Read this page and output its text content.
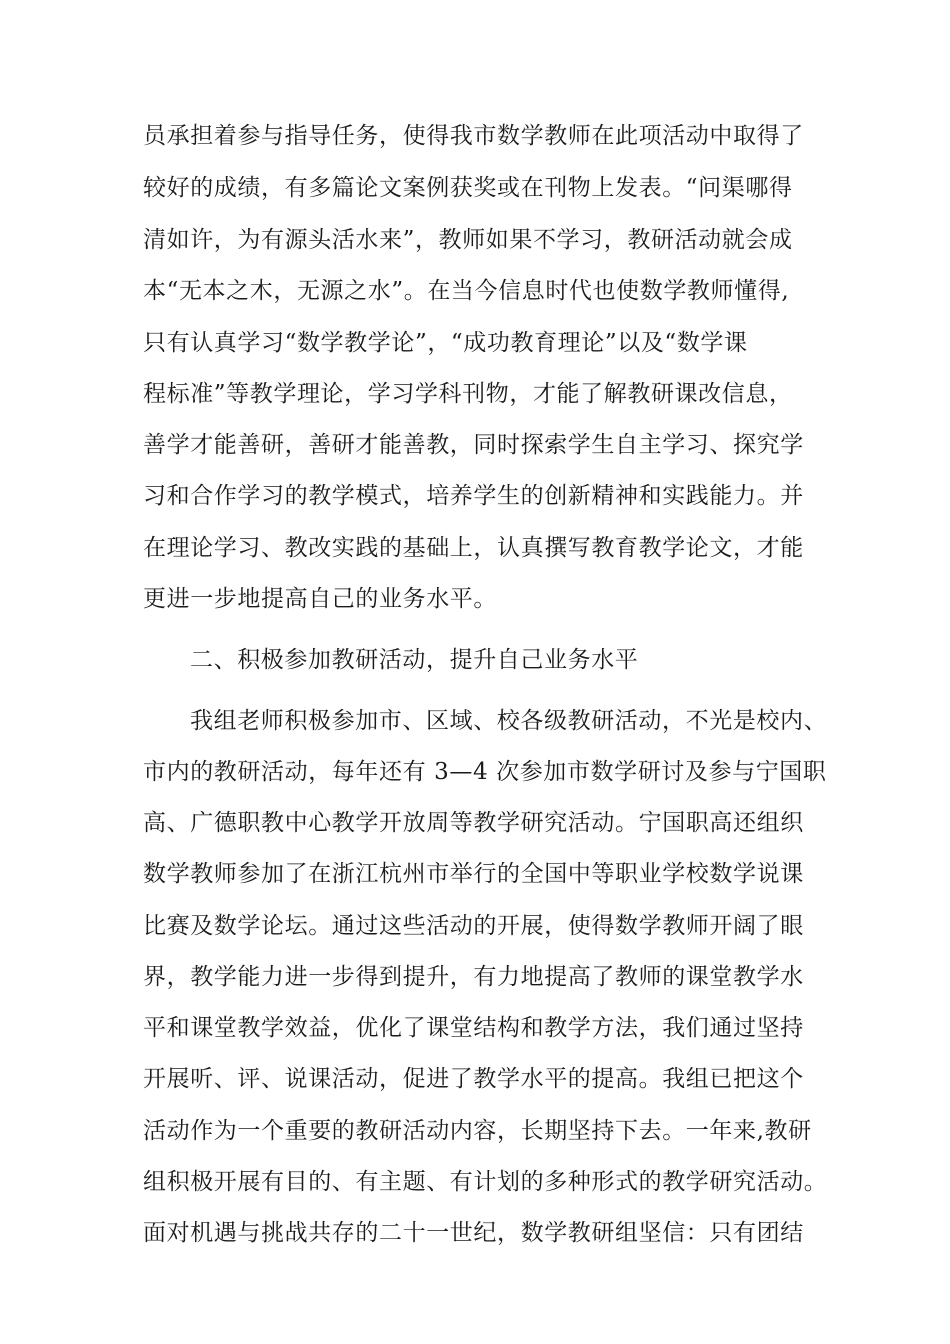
员承担着参与指导任务，使得我市数学教师在此项活动中取得了
较好的成绩，有多篇论文案例获奖或在刊物上发表。“问渠哪得
清如许，为有源头活水来”，教师如果不学习，教研活动就会成
本“无本之木，无源之水”。在当今信息时代也使数学教师懂得,
只有认真学习“数学教学论”，“成功教育理论”以及“数学课
程标准”等教学理论，学习学科刊物，才能了解教研课改信息，
善学才能善研，善研才能善教，同时探索学生自主学习、探究学
习和合作学习的教学模式，培养学生的创新精神和实践能力。并
在理论学习、教改实践的基础上，认真撰写教育教学论文，才能
更进一步地提高自己的业务水平。
二、积极参加教研活动，提升自己业务水平
我组老师积极参加市、区域、校各级教研活动，不光是校内、
市内的教研活动，每年还有 3—4 次参加市数学研讨及参与宁国职
高、广德职教中心教学开放周等教学研究活动。宁国职高还组织
数学教师参加了在浙江杭州市举行的全国中等职业学校数学说课
比赛及数学论坛。通过这些活动的开展，使得数学教师开阔了眼
界，教学能力进一步得到提升，有力地提高了教师的课堂教学水
平和课堂教学效益，优化了课堂结构和教学方法，我们通过坚持
开展听、评、说课活动，促进了教学水平的提高。我组已把这个
活动作为一个重要的教研活动内容，长期坚持下去。一年来,教研
组积极开展有目的、有主题、有计划的多种形式的教学研究活动。
面对机遇与挑战共存的二十一世纪，数学教研组坚信：只有团结
